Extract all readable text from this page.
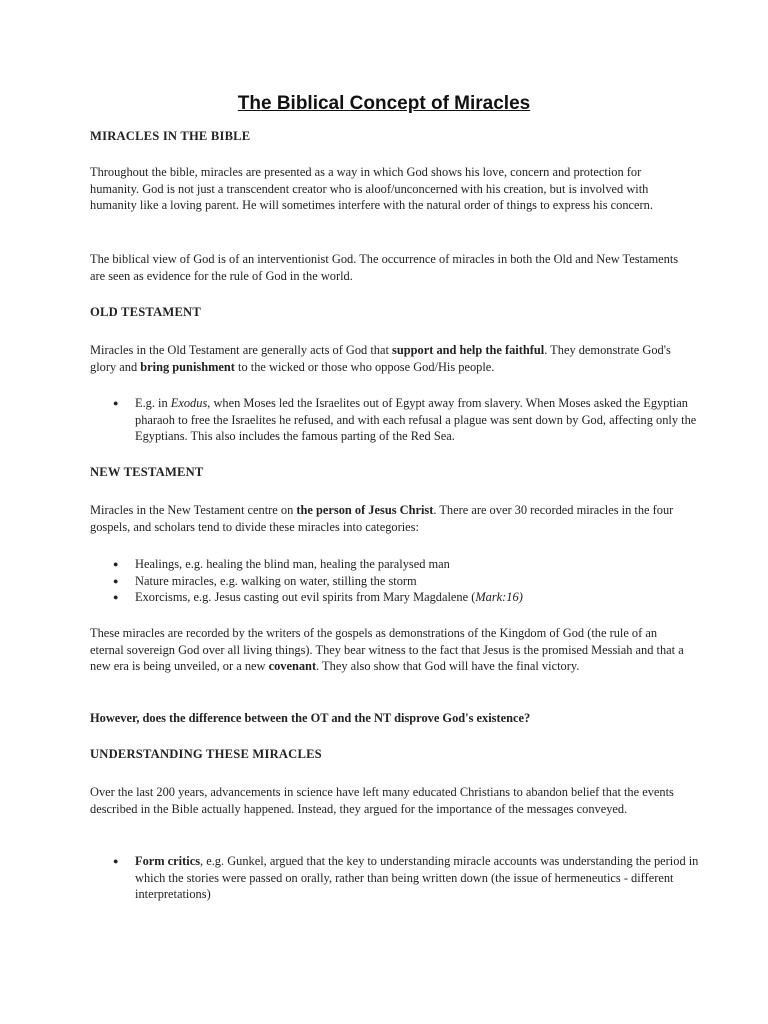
The Biblical Concept of Miracles
MIRACLES IN THE BIBLE
Throughout the bible, miracles are presented as a way in which God shows his love, concern and protection for humanity. God is not just a transcendent creator who is aloof/unconcerned with his creation, but is involved with humanity like a loving parent. He will sometimes interfere with the natural order of things to express his concern.
The biblical view of God is of an interventionist God. The occurrence of miracles in both the Old and New Testaments are seen as evidence for the rule of God in the world.
OLD TESTAMENT
Miracles in the Old Testament are generally acts of God that support and help the faithful. They demonstrate God's glory and bring punishment to the wicked or those who oppose God/His people.
● E.g. in Exodus, when Moses led the Israelites out of Egypt away from slavery. When Moses asked the Egyptian pharaoh to free the Israelites he refused, and with each refusal a plague was sent down by God, affecting only the Egyptians. This also includes the famous parting of the Red Sea.
NEW TESTAMENT
Miracles in the New Testament centre on the person of Jesus Christ. There are over 30 recorded miracles in the four gospels, and scholars tend to divide these miracles into categories:
● Healings, e.g. healing the blind man, healing the paralysed man
● Nature miracles, e.g. walking on water, stilling the storm
● Exorcisms, e.g. Jesus casting out evil spirits from Mary Magdalene (Mark:16)
These miracles are recorded by the writers of the gospels as demonstrations of the Kingdom of God (the rule of an eternal sovereign God over all living things). They bear witness to the fact that Jesus is the promised Messiah and that a new era is being unveiled, or a new covenant. They also show that God will have the final victory.
However, does the difference between the OT and the NT disprove God's existence?
UNDERSTANDING THESE MIRACLES
Over the last 200 years, advancements in science have left many educated Christians to abandon belief that the events described in the Bible actually happened. Instead, they argued for the importance of the messages conveyed.
● Form critics, e.g. Gunkel, argued that the key to understanding miracle accounts was understanding the period in which the stories were passed on orally, rather than being written down (the issue of hermeneutics - different interpretations)
